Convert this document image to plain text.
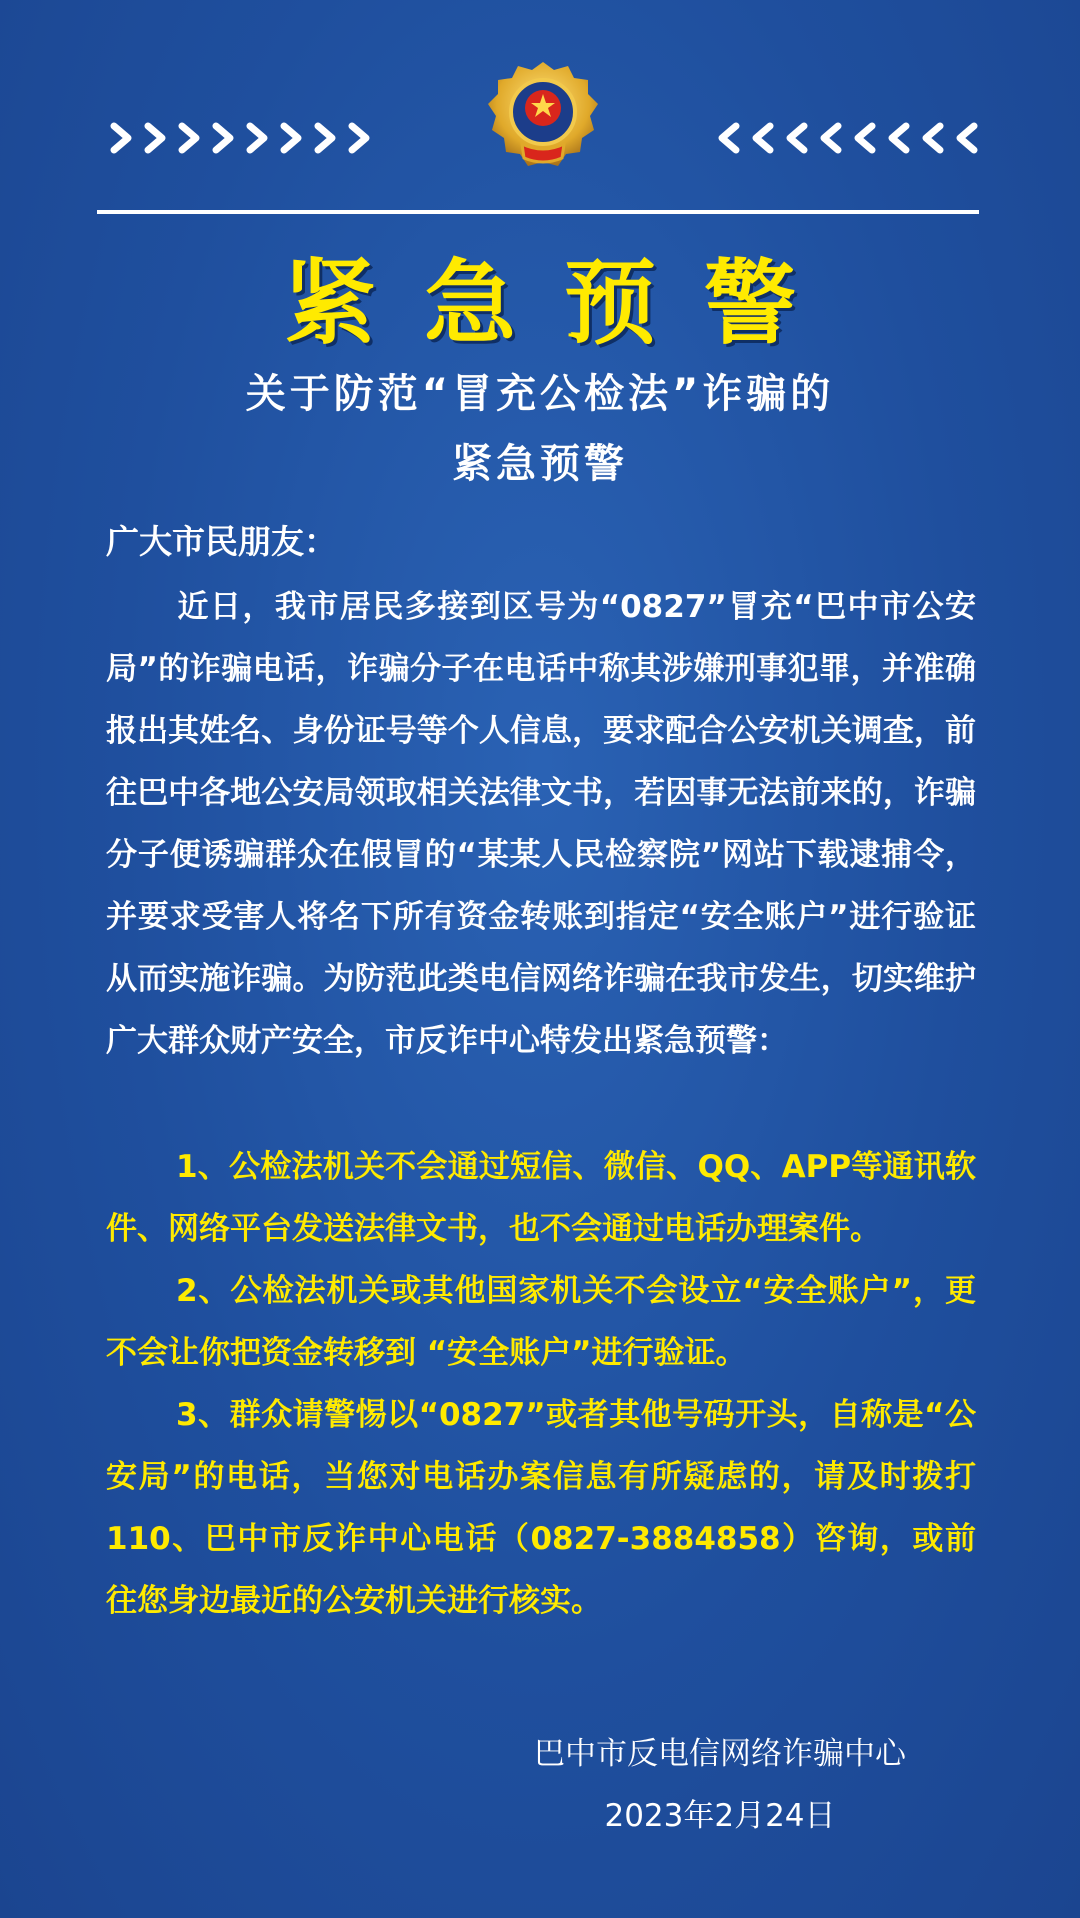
紧急预警
关于防范“冒充公检法”诈骗的
紧急预警
广大市民朋友：
近日，我市居民多接到区号为“0827”冒充“巴中市公安局”的诈骗电话，诈骗分子在电话中称其涉嫌刑事犯罪，并准确报出其姓名、身份证号等个人信息，要求配合公安机关调查，前往巴中各地公安局领取相关法律文书，若因事无法前来的，诈骗分子便诱骗群众在假冒的“某某人民检察院”网站下载逮捕令，并要求受害人将名下所有资金转账到指定“安全账户”进行验证从而实施诈骗。为防范此类电信网络诈骗在我市发生，切实维护广大群众财产安全，市反诈中心特发出紧急预警：
1、公检法机关不会通过短信、微信、QQ、APP等通讯软件、网络平台发送法律文书，也不会通过电话办理案件。
2、公检法机关或其他国家机关不会设立“安全账户”，更不会让你把资金转移到 “安全账户”进行验证。
3、群众请警惕以“0827”或者其他号码开头，自称是“公安局”的电话，当您对电话办案信息有所疑虑的，请及时拨打110、巴中市反诈中心电话（0827-3884858）咨询，或前往您身边最近的公安机关进行核实。
巴中市反电信网络诈骗中心
2023年2月24日
